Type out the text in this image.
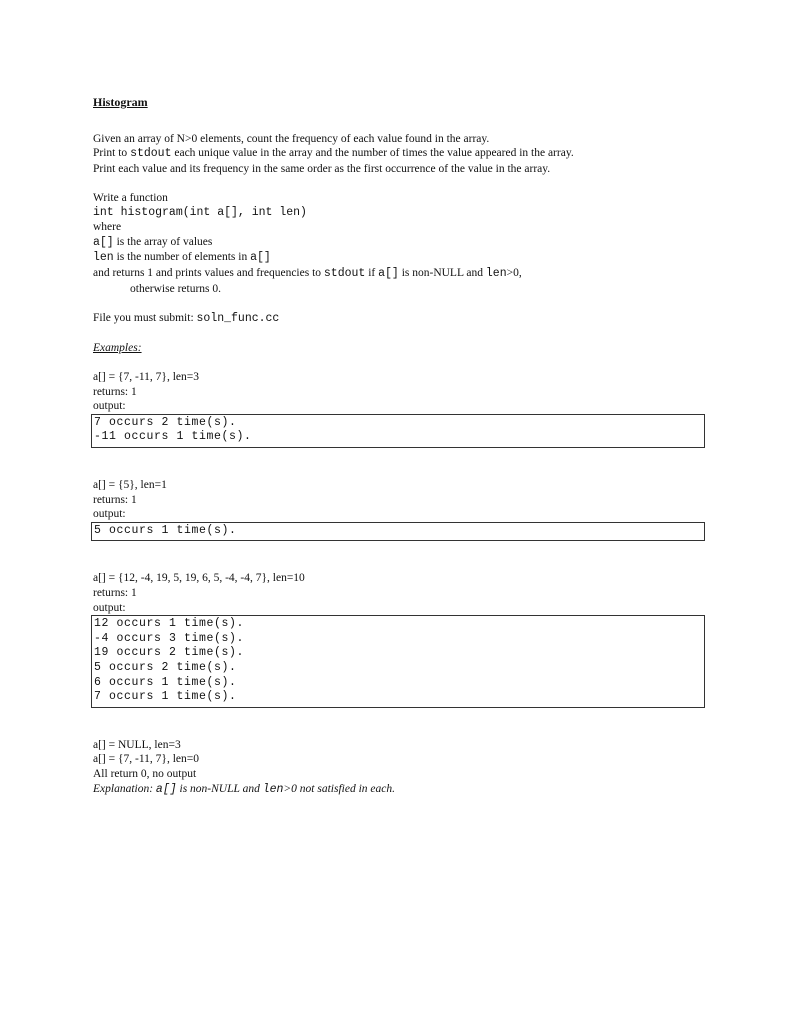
Histogram
Given an array of N>0 elements, count the frequency of each value found in the array.
Print to stdout each unique value in the array and the number of times the value appeared in the array.
Print each value and its frequency in the same order as the first occurrence of the value in the array.
Write a function
int histogram(int a[], int len)
where
a[] is the array of values
len is the number of elements in a[]
and returns 1 and prints values and frequencies to stdout if a[] is non-NULL and len>0,
otherwise returns 0.
File you must submit: soln_func.cc
Examples:
a[] = {7, -11, 7}, len=3
returns: 1
output:
7 occurs 2 time(s).
-11 occurs 1 time(s).
a[] = {5}, len=1
returns: 1
output:
5 occurs 1 time(s).
a[] = {12, -4, 19, 5, 19, 6, 5, -4, -4, 7}, len=10
returns: 1
output:
12 occurs 1 time(s).
-4 occurs 3 time(s).
19 occurs 2 time(s).
5 occurs 2 time(s).
6 occurs 1 time(s).
7 occurs 1 time(s).
a[] = NULL, len=3
a[] = {7, -11, 7}, len=0
All return 0, no output
Explanation: a[] is non-NULL and len>0 not satisfied in each.
